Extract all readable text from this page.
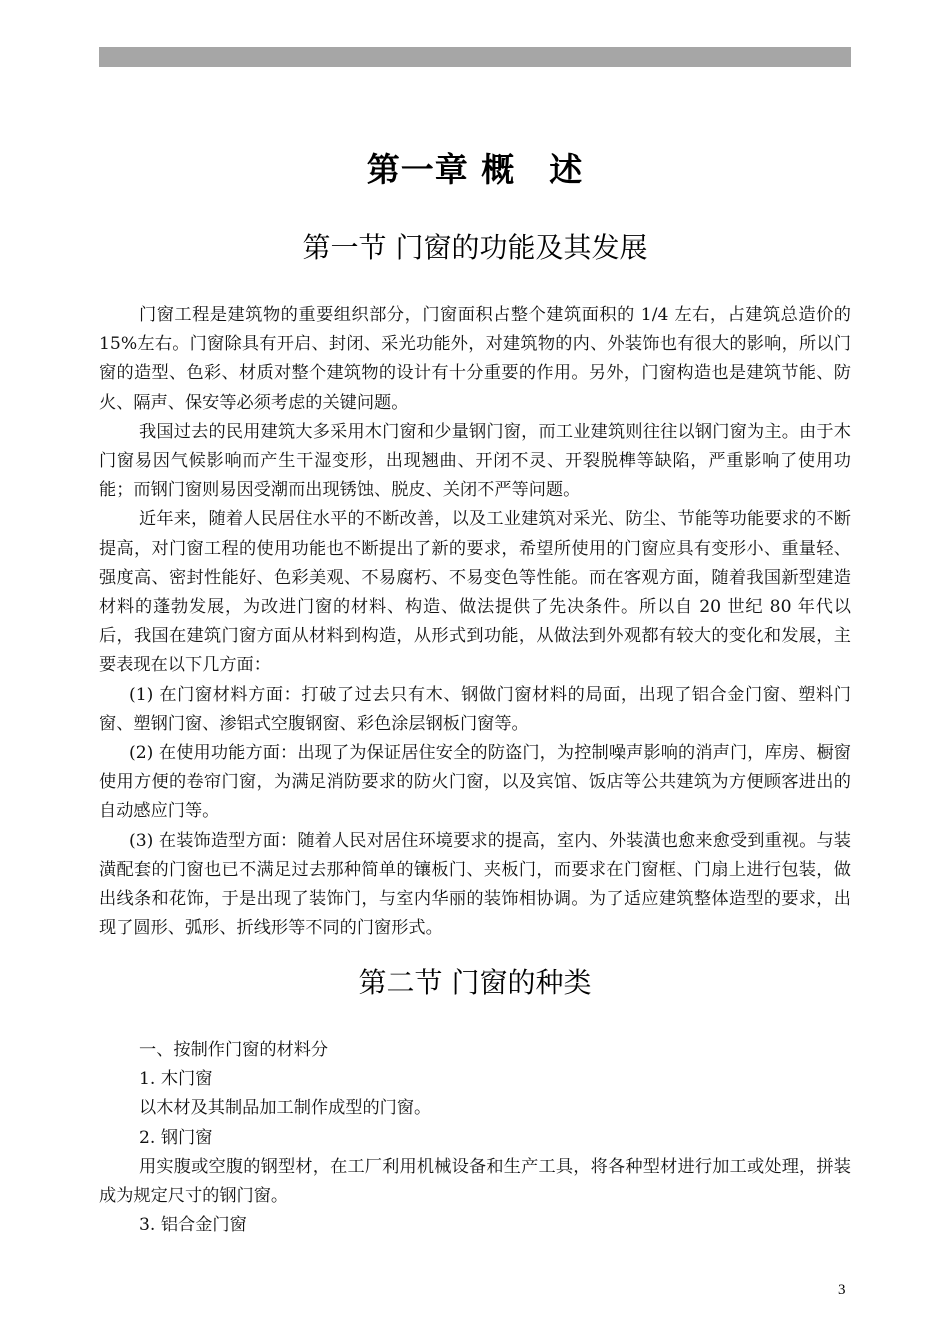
第一章 概　述
第一节 门窗的功能及其发展

门窗工程是建筑物的重要组织部分，门窗面积占整个建筑面积的 1/4 左右，占建筑总造价的 15%左右。门窗除具有开启、封闭、采光功能外，对建筑物的内、外装饰也有很大的影响，所以门窗的造型、色彩、材质对整个建筑物的设计有十分重要的作用。另外，门窗构造也是建筑节能、防火、隔声、保安等必须考虑的关键问题。

我国过去的民用建筑大多采用木门窗和少量钢门窗，而工业建筑则往往以钢门窗为主。由于木门窗易因气候影响而产生干湿变形，出现翘曲、开闭不灵、开裂脱榫等缺陷，严重影响了使用功能；而钢门窗则易因受潮而出现锈蚀、脱皮、关闭不严等问题。

近年来，随着人民居住水平的不断改善，以及工业建筑对采光、防尘、节能等功能要求的不断提高，对门窗工程的使用功能也不断提出了新的要求，希望所使用的门窗应具有变形小、重量轻、强度高、密封性能好、色彩美观、不易腐朽、不易变色等性能。而在客观方面，随着我国新型建造材料的蓬勃发展，为改进门窗的材料、构造、做法提供了先决条件。所以自 20 世纪 80 年代以后，我国在建筑门窗方面从材料到构造，从形式到功能，从做法到外观都有较大的变化和发展，主要表现在以下几方面：

(1) 在门窗材料方面：打破了过去只有木、钢做门窗材料的局面，出现了铝合金门窗、塑料门窗、塑钢门窗、渗铝式空腹钢窗、彩色涂层钢板门窗等。

(2) 在使用功能方面：出现了为保证居住安全的防盗门，为控制噪声影响的消声门，库房、橱窗使用方便的卷帘门窗，为满足消防要求的防火门窗，以及宾馆、饭店等公共建筑为方便顾客进出的自动感应门等。

(3) 在装饰造型方面：随着人民对居住环境要求的提高，室内、外装潢也愈来愈受到重视。与装潢配套的门窗也已不满足过去那种简单的镶板门、夹板门，而要求在门窗框、门扇上进行包装，做出线条和花饰，于是出现了装饰门，与室内华丽的装饰相协调。为了适应建筑整体造型的要求，出现了圆形、弧形、折线形等不同的门窗形式。

第二节 门窗的种类

一、按制作门窗的材料分

1. 木门窗

以木材及其制品加工制作成型的门窗。

2. 钢门窗

用实腹或空腹的钢型材，在工厂利用机械设备和生产工具，将各种型材进行加工或处理，拼装成为规定尺寸的钢门窗。

3. 铝合金门窗

3
